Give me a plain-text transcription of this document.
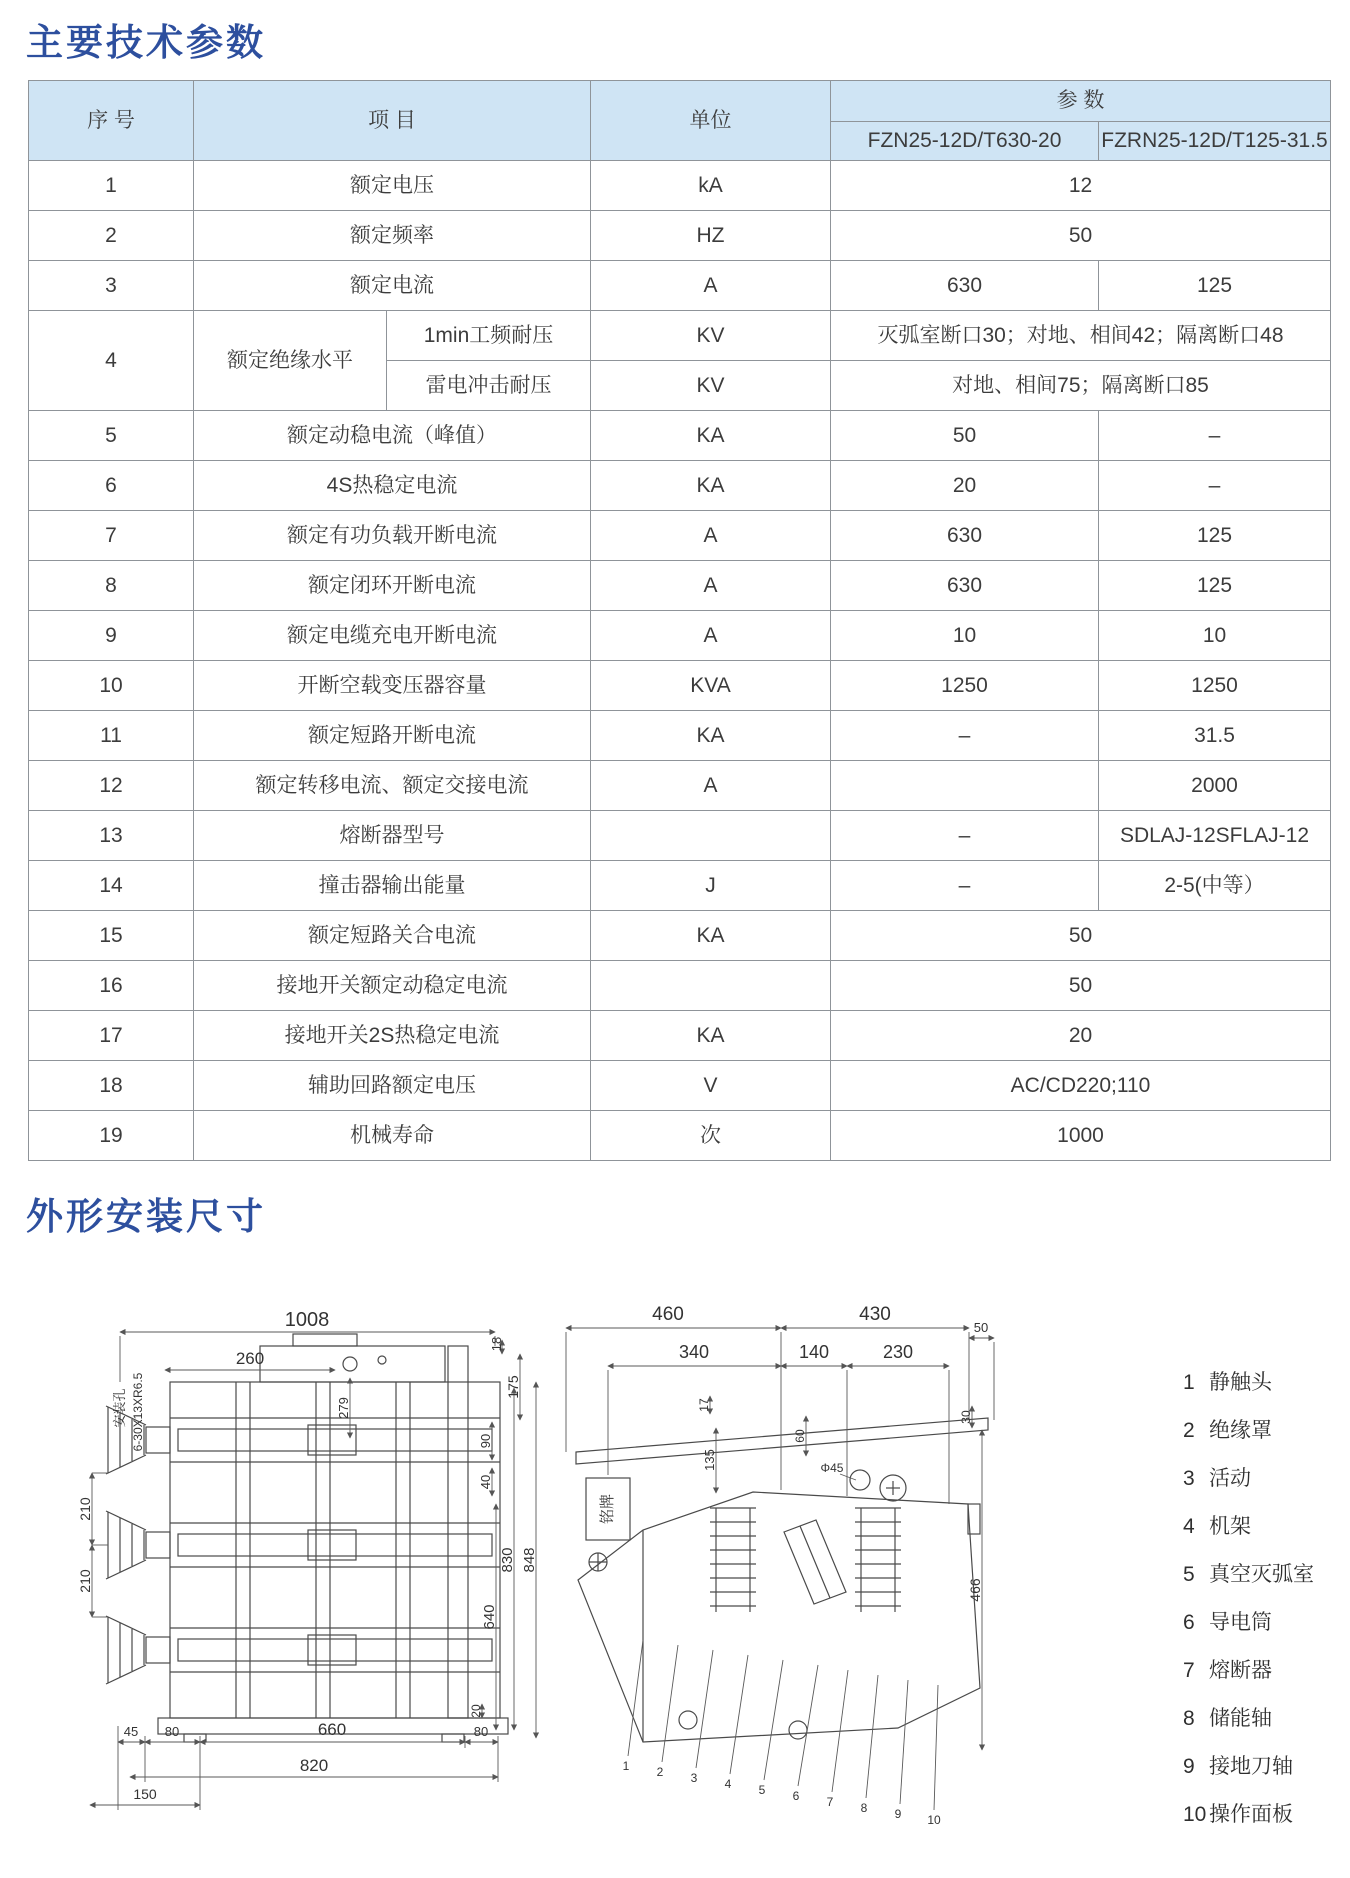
主要技术参数
序 号	项 目		单位	参 数	
				FZN25-12D/T630-20	FZRN25-12D/T125-31.5
1	额定电压		kA	12	
2	额定频率		HZ	50	
3	额定电流		A	630	125
4	额定绝缘水平	1min工频耐压	KV	灭弧室断口30；对地、相间42；隔离断口48	
		雷电冲击耐压	KV	对地、相间75；隔离断口85	
5	额定动稳电流（峰值）		KA	50	–
6	4S热稳定电流		KA	20	–
7	额定有功负载开断电流		A	630	125
8	额定闭环开断电流		A	630	125
9	额定电缆充电开断电流		A	10	10
10	开断空载变压器容量		KVA	1250	1250
11	额定短路开断电流		KA	–	31.5
12	额定转移电流、额定交接电流		A		2000
13	熔断器型号			–	SDLAJ-12SFLAJ-12
14	撞击器输出能量		J	–	2-5(中等）
15	额定短路关合电流		KA	50	
16	接地开关额定动稳定电流			50	
17	接地开关2S热稳定电流		KA	20	
18	辅助回路额定电压		V	AC/CD220;110	
19	机械寿命		次	1000	
外形安装尺寸
1008
260
18
175
279
90
40
830 848
640
20
210
210
安装孔 6-30X13XR6.5
45 80	660	80
820
150
460	430
50
340	140	230
17
135
60
30
466
Φ45
铭牌
1 2 3 4 5 6 7 8 9 10
1 静触头
2 绝缘罩
3 活动
4 机架
5 真空灭弧室
6 导电筒
7 熔断器
8 储能轴
9 接地刀轴
10 操作面板
